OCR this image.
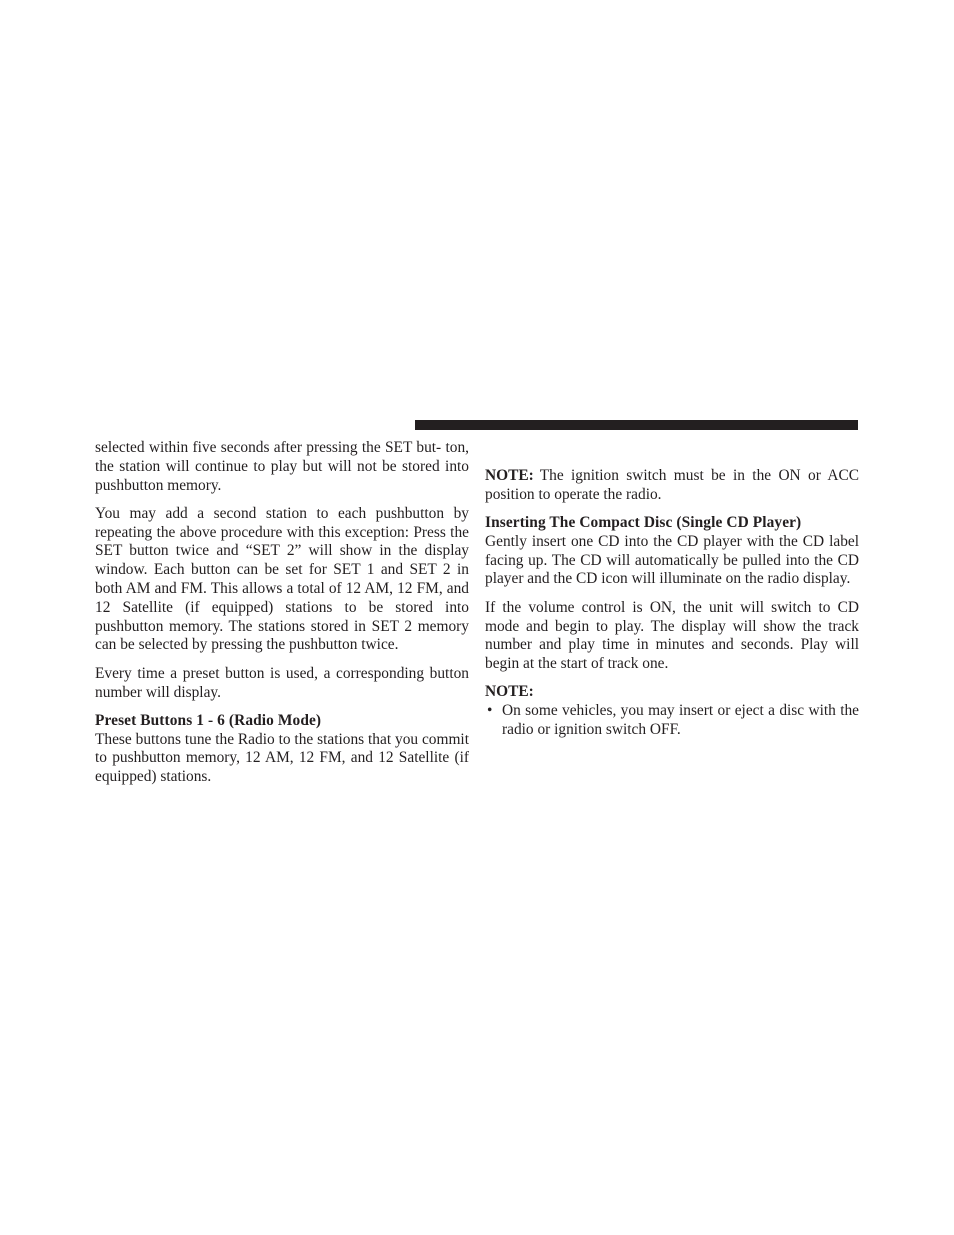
selected within five seconds after pressing the SET but- ton, the station will continue to play but will not be stored into pushbutton memory.

You may add a second station to each pushbutton by repeating the above procedure with this exception: Press the SET button twice and “SET 2” will show in the display window. Each button can be set for SET 1 and SET 2 in both AM and FM. This allows a total of 12 AM, 12 FM, and 12 Satellite (if equipped) stations to be stored into pushbutton memory. The stations stored in SET 2 memory can be selected by pressing the pushbutton twice.

Every time a preset button is used, a corresponding button number will display.

Preset Buttons 1 - 6 (Radio Mode)

These buttons tune the Radio to the stations that you commit to pushbutton memory, 12 AM, 12 FM, and 12 Satellite (if equipped) stations.

NOTE: The ignition switch must be in the ON or ACC position to operate the radio.

Inserting The Compact Disc (Single CD Player)

Gently insert one CD into the CD player with the CD label facing up. The CD will automatically be pulled into the CD player and the CD icon will illuminate on the radio display.

If the volume control is ON, the unit will switch to CD mode and begin to play. The display will show the track number and play time in minutes and seconds. Play will begin at the start of track one.

NOTE:

• On some vehicles, you may insert or eject a disc with the radio or ignition switch OFF.
